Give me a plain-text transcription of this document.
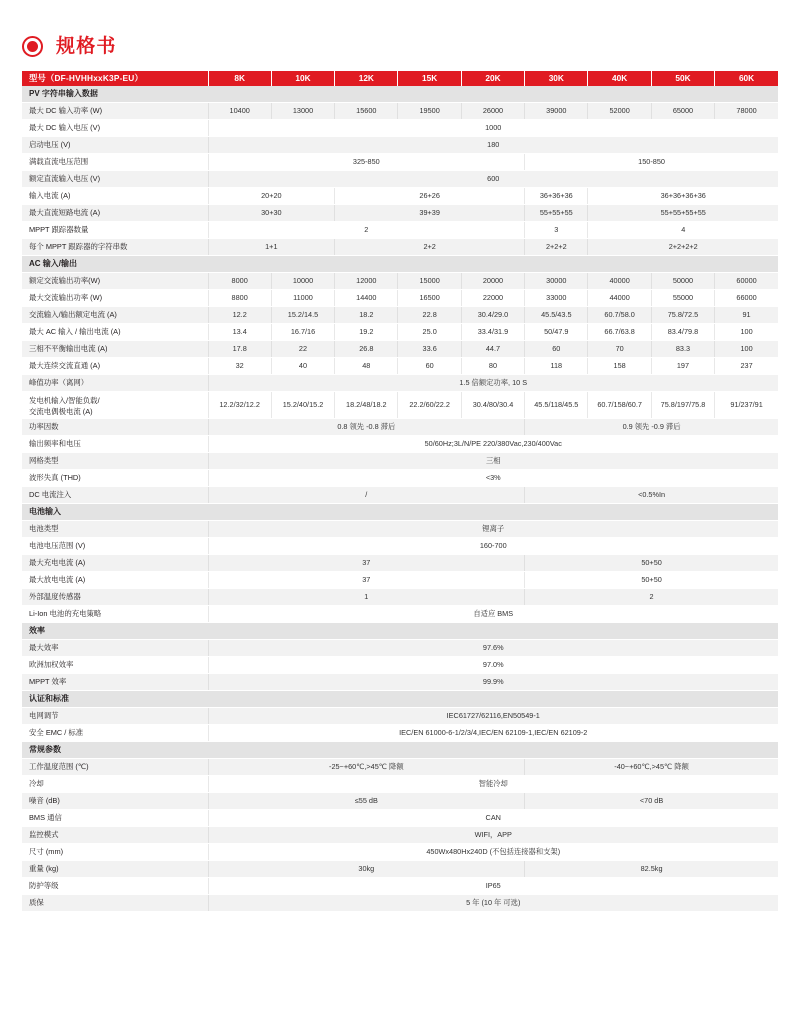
规格书
型号（DF-HVHHxxK3P-EU）	8K	10K	12K	15K	20K	30K	40K	50K	60K
PV 字符串输入数据									
最大 DC 输入功率 (W)	10400	13000	15600	19500	26000	39000	52000	65000	78000
最大 DC 输入电压 (V)	1000								
启动电压 (V)	180								
满载直流电压范围	325-850					150-850			
额定直流输入电压 (V)	600								
输入电流 (A)	20+20		26+26			36+36+36	36+36+36+36		
最大直流短路电流 (A)	30+30		39+39			55+55+55	55+55+55+55		
MPPT 跟踪器数量	2					3	4		
每个 MPPT 跟踪器的字符串数	1+1		2+2			2+2+2	2+2+2+2		
AC 输入/输出									
额定交流输出功率(W)	8000	10000	12000	15000	20000	30000	40000	50000	60000
最大交流输出功率 (W)	8800	11000	14400	16500	22000	33000	44000	55000	66000
交流输入/输出额定电流 (A)	12.2	15.2/14.5	18.2	22.8	30.4/29.0	45.5/43.5	60.7/58.0	75.8/72.5	91
最大 AC 输入 / 输出电流 (A)	13.4	16.7/16	19.2	25.0	33.4/31.9	50/47.9	66.7/63.8	83.4/79.8	100
三相不平衡输出电流 (A)	17.8	22	26.8	33.6	44.7	60	70	83.3	100
最大连续交流直通 (A)	32	40	48	60	80	118	158	197	237
峰值功率（离网）	1.5 倍额定功率, 10 S								

发电机输入/智能负载/
交流电偶极电流 (A)	12.2/32/12.2	15.2/40/15.2	18.2/48/18.2	22.2/60/22.2	30.4/80/30.4	45.5/118/45.5	60.7/158/60.7	75.8/197/75.8	91/237/91
功率因数	0.8 领先 -0.8 滞后					0.9 领先 -0.9 滞后			
输出频率和电压	50/60Hz;3L/N/PE 220/380Vac,230/400Vac								
网格类型	三相								
波形失真 (THD)	<3%								
DC 电流注入	/					<0.5%In			
电池输入									
电池类型	锂离子								
电池电压范围 (V)	160-700								
最大充电电流 (A)	37					50+50			
最大放电电流 (A)	37					50+50			
外部温度传感器	1					2			
Li-Ion 电池的充电策略	自适应 BMS								
效率									
最大效率	97.6%								
欧洲加权效率	97.0%								
MPPT 效率	99.9%								
认证和标准									
电网调节	IEC61727/62116,EN50549-1								
安全 EMC / 标准	IEC/EN 61000-6-1/2/3/4,IEC/EN 62109-1,IEC/EN 62109-2								
常规参数									
工作温度范围 (℃)	-25~+60℃,>45℃ 降额					-40~+60℃,>45℃ 降额			
冷却	智能冷却								
噪音 (dB)	≤55 dB					<70 dB			
BMS 通信	CAN								
监控模式	WIFI，APP								
尺寸 (mm)	450Wx480Hx240D (不包括连接器和支架)								
重量 (kg)	30kg					82.5kg			
防护等级	IP65								
质保	5 年 (10 年 可选)								
